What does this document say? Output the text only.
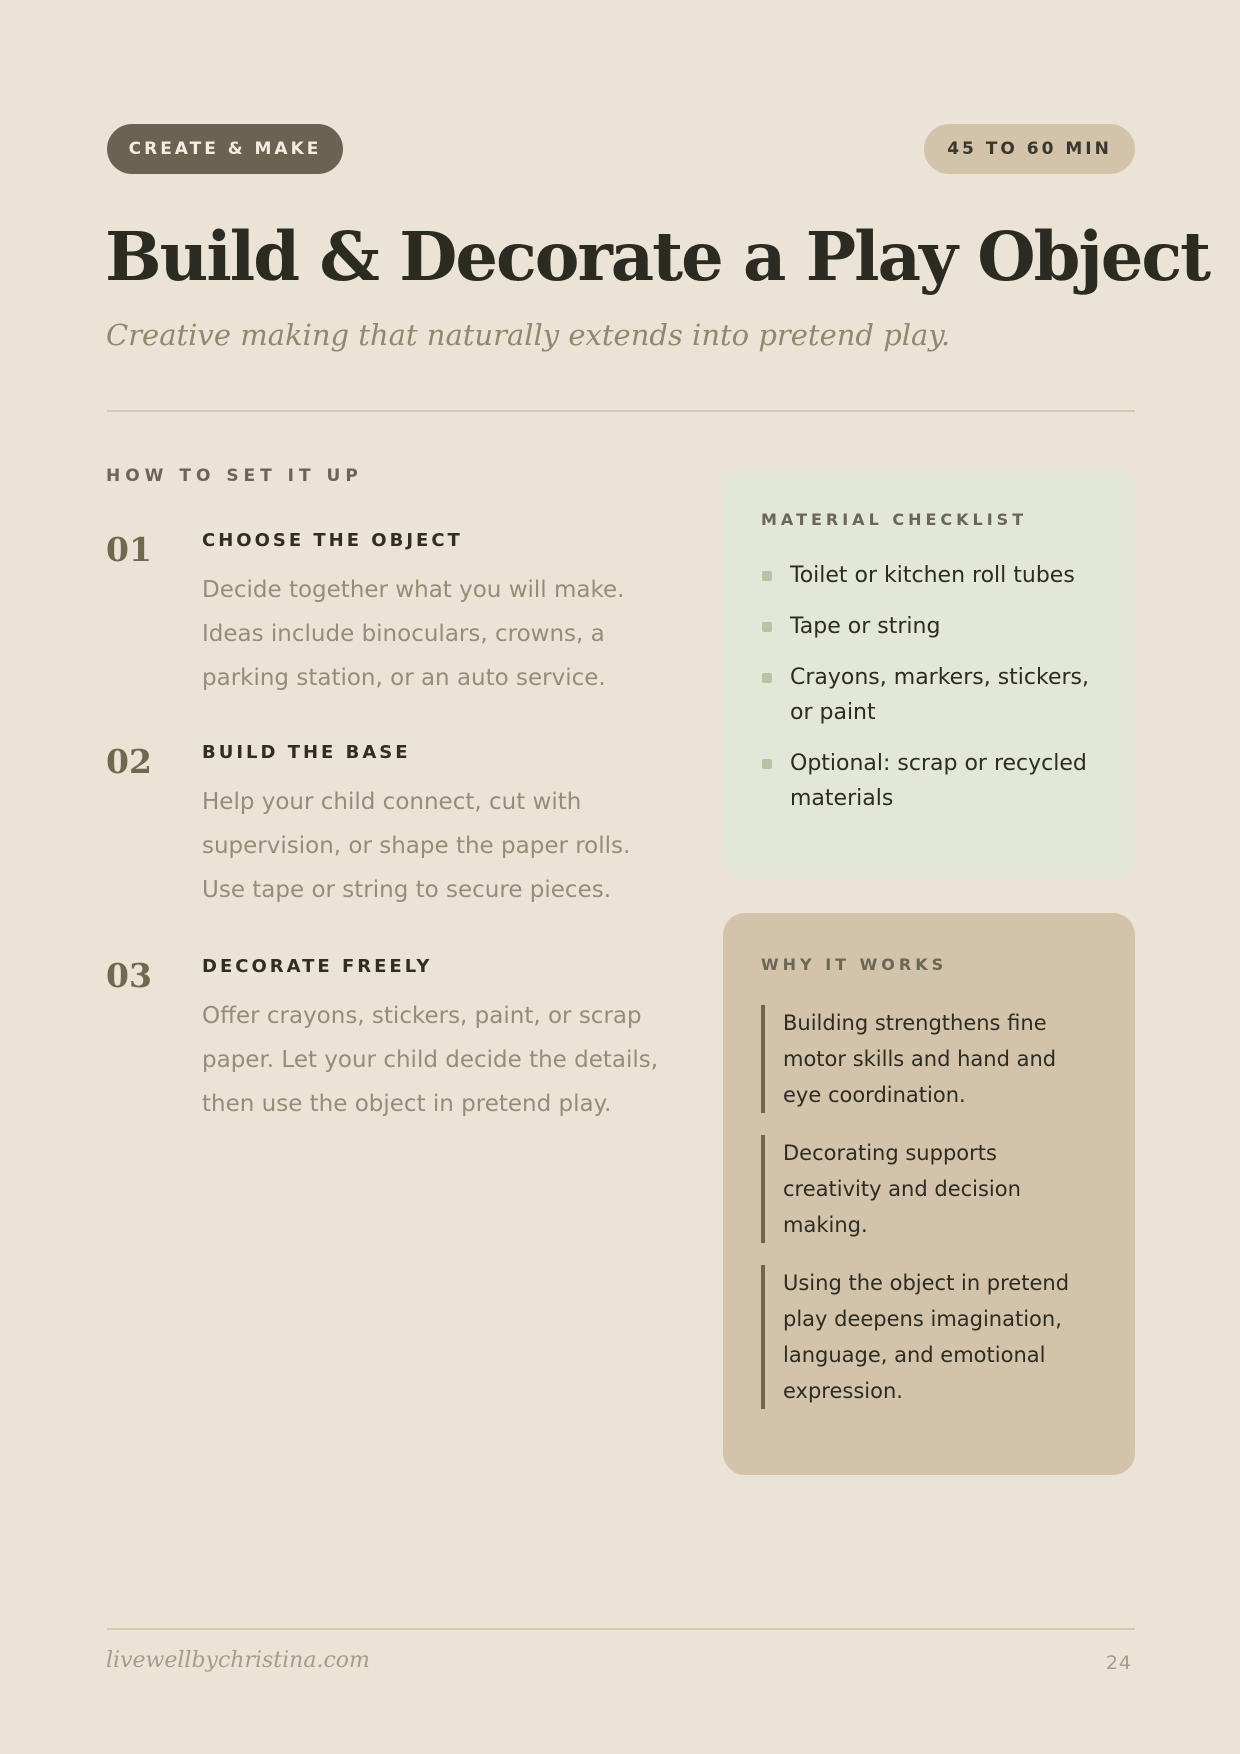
CREATE & MAKE	45 TO 60 MIN
Build & Decorate a Play Object
Creative making that naturally extends into pretend play.
HOW TO SET IT UP
01	CHOOSE THE OBJECT
Decide together what you will make. Ideas include binoculars, crowns, a parking station, or an auto service.
02	BUILD THE BASE
Help your child connect, cut with supervision, or shape the paper rolls. Use tape or string to secure pieces.
03	DECORATE FREELY
Offer crayons, stickers, paint, or scrap paper. Let your child decide the details, then use the object in pretend play.
MATERIAL CHECKLIST
Toilet or kitchen roll tubes
Tape or string
Crayons, markers, stickers, or paint
Optional: scrap or recycled materials
WHY IT WORKS
Building strengthens fine motor skills and hand and eye coordination.
Decorating supports creativity and decision making.
Using the object in pretend play deepens imagination, language, and emotional expression.
livewellbychristina.com	24
